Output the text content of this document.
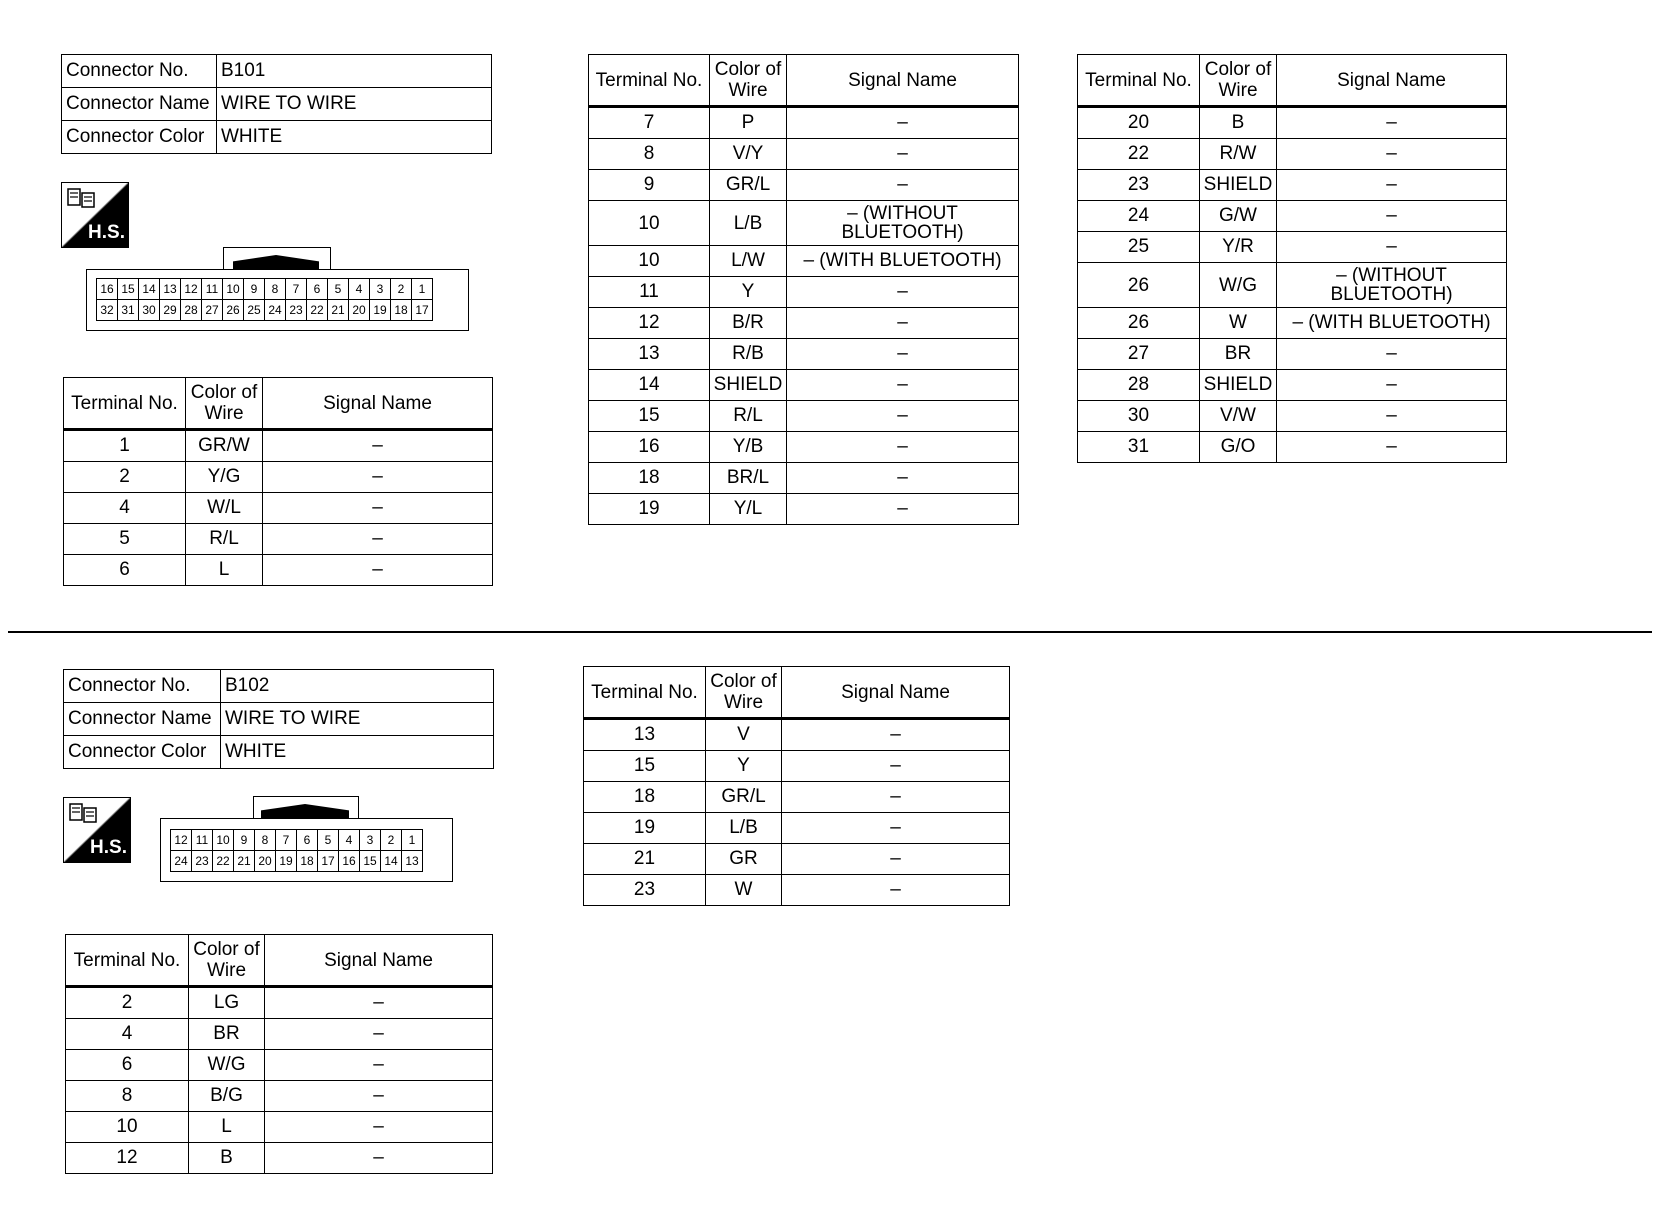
Connector No.	B101
Connector Name	WIRE TO WIRE
Connector Color	WHITE
H.S.
16	15	14	13	12	11	10	9	8	7	6	5	4	3	2	1
32	31	30	29	28	27	26	25	24	23	22	21	20	19	18	17
Terminal No.	Color of Wire	Signal Name
1	GR/W	–
2	Y/G	–
4	W/L	–
5	R/L	–
6	L	–
Terminal No.	Color of Wire	Signal Name
7	P	–
8	V/Y	–
9	GR/L	–
10	L/B	– (WITHOUT BLUETOOTH)
10	L/W	– (WITH BLUETOOTH)
11	Y	–
12	B/R	–
13	R/B	–
14	SHIELD	–
15	R/L	–
16	Y/B	–
18	BR/L	–
19	Y/L	–
Terminal No.	Color of Wire	Signal Name
20	B	–
22	R/W	–
23	SHIELD	–
24	G/W	–
25	Y/R	–
26	W/G	– (WITHOUT BLUETOOTH)
26	W	– (WITH BLUETOOTH)
27	BR	–
28	SHIELD	–
30	V/W	–
31	G/O	–
Connector No.	B102
Connector Name	WIRE TO WIRE
Connector Color	WHITE
H.S.	12	11	10	9	8	7	6	5	4	3	2	1
24	23	22	21	20	19	18	17	16	15	14	13
Terminal No.	Color of Wire	Signal Name
2	LG	–
4	BR	–
6	W/G	–
8	B/G	–
10	L	–
12	B	–
Terminal No.	Color of Wire	Signal Name
13	V	–
15	Y	–
18	GR/L	–
19	L/B	–
21	GR	–
23	W	–
